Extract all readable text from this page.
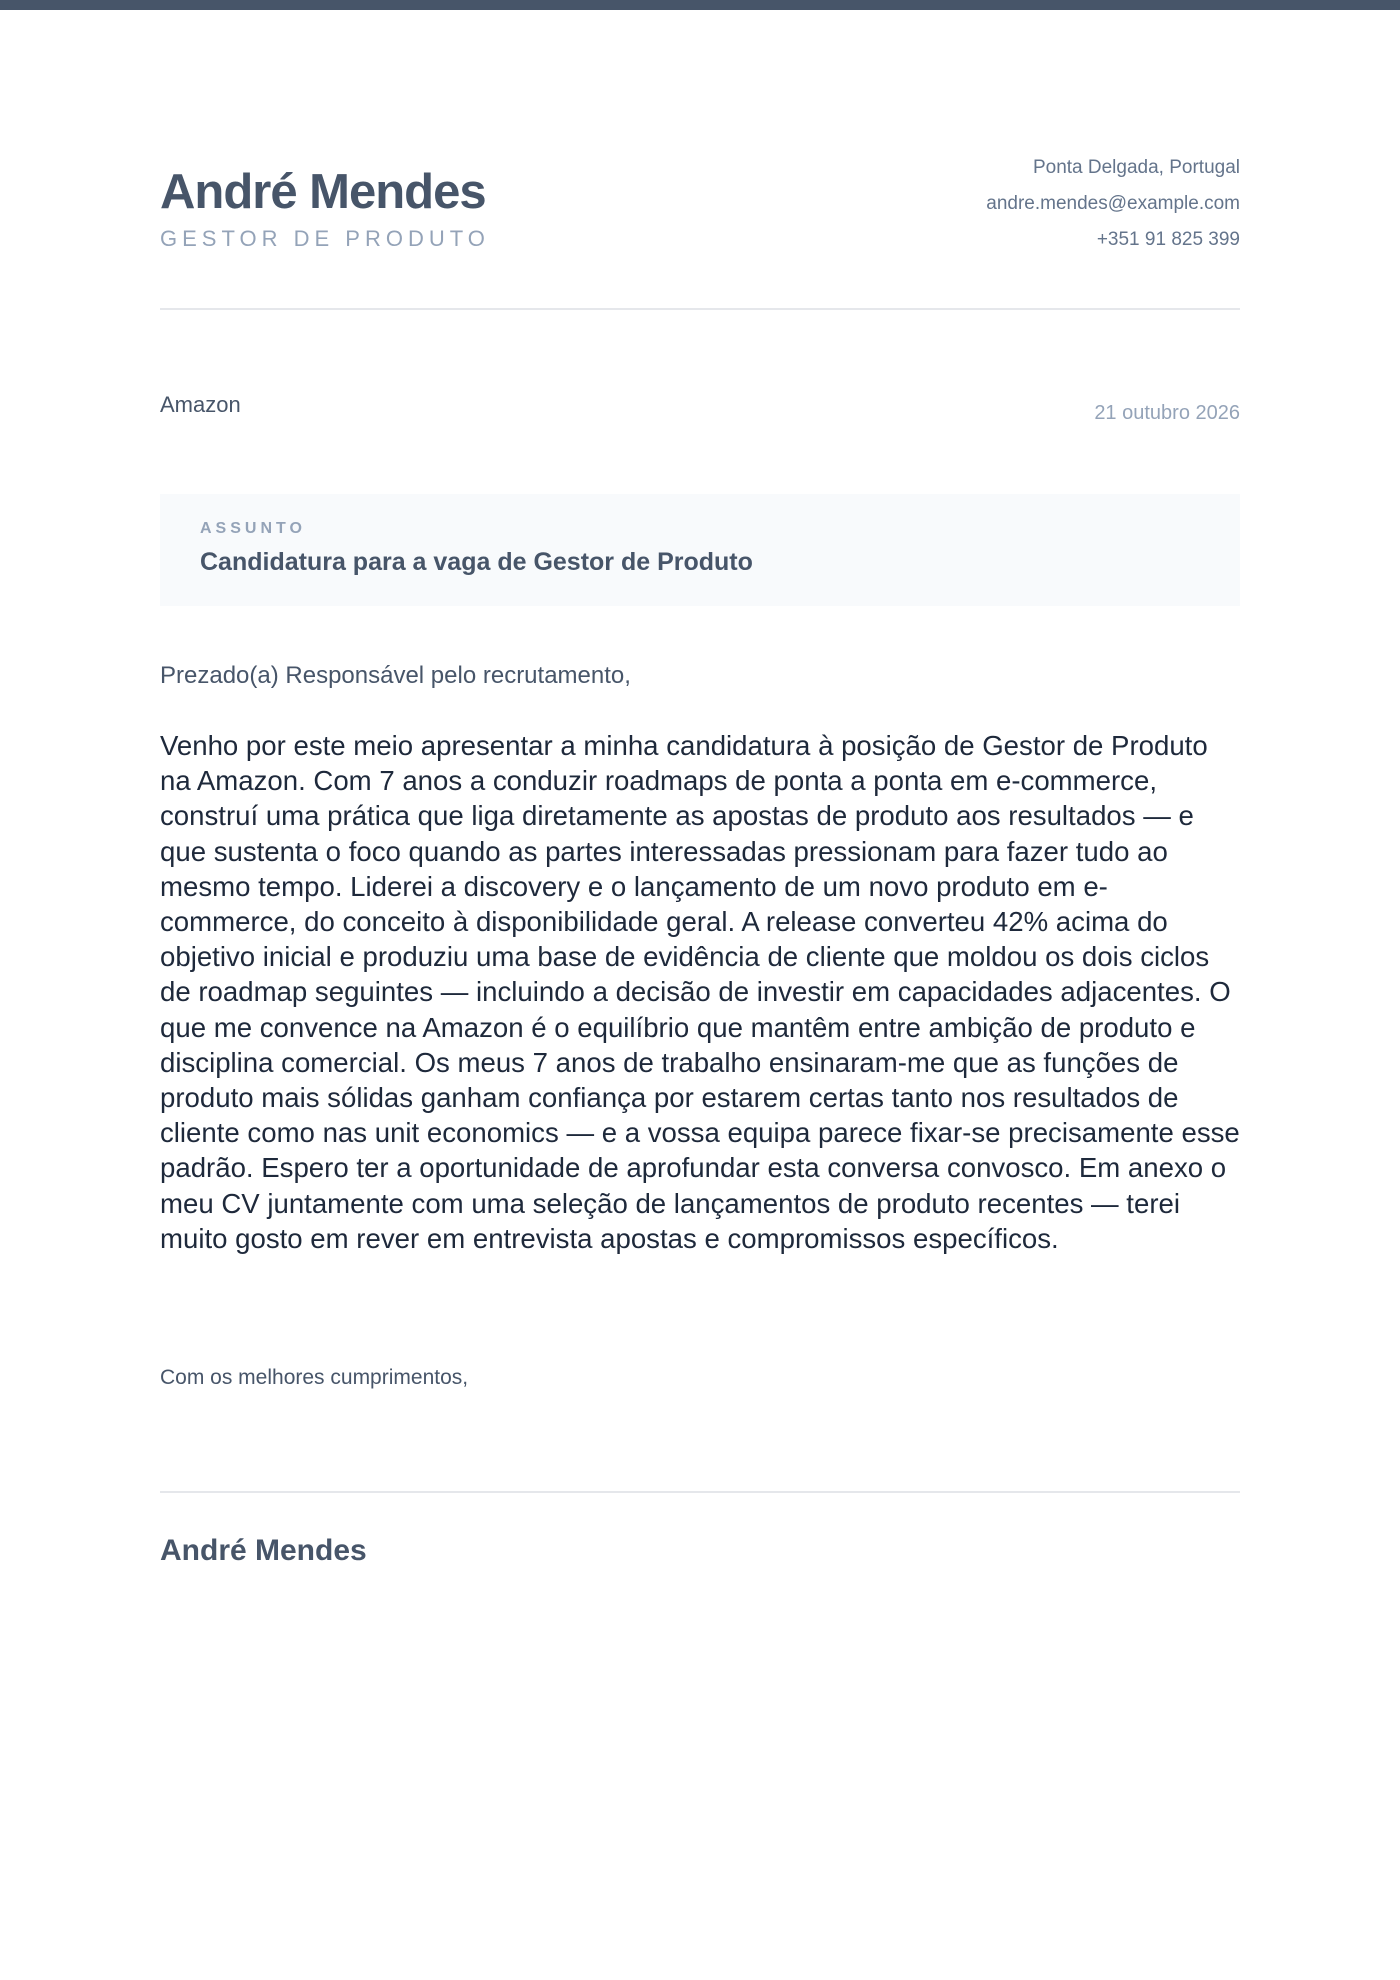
André Mendes
GESTOR DE PRODUTO
Ponta Delgada, Portugal
andre.mendes@example.com
+351 91 825 399
Amazon	21 outubro 2026
ASSUNTO
Candidatura para a vaga de Gestor de Produto
Prezado(a) Responsável pelo recrutamento,

Venho por este meio apresentar a minha candidatura à posição de Gestor de Produto na Amazon. Com 7 anos a conduzir roadmaps de ponta a ponta em e-commerce, construí uma prática que liga diretamente as apostas de produto aos resultados — e que sustenta o foco quando as partes interessadas pressionam para fazer tudo ao mesmo tempo. Liderei a discovery e o lançamento de um novo produto em e-commerce, do conceito à disponibilidade geral. A release converteu 42% acima do objetivo inicial e produziu uma base de evidência de cliente que moldou os dois ciclos de roadmap seguintes — incluindo a decisão de investir em capacidades adjacentes. O que me convence na Amazon é o equilíbrio que mantêm entre ambição de produto e disciplina comercial. Os meus 7 anos de trabalho ensinaram-me que as funções de produto mais sólidas ganham confiança por estarem certas tanto nos resultados de cliente como nas unit economics — e a vossa equipa parece fixar-se precisamente esse padrão. Espero ter a oportunidade de aprofundar esta conversa convosco. Em anexo o meu CV juntamente com uma seleção de lançamentos de produto recentes — terei muito gosto em rever em entrevista apostas e compromissos específicos.

Com os melhores cumprimentos,
André Mendes
